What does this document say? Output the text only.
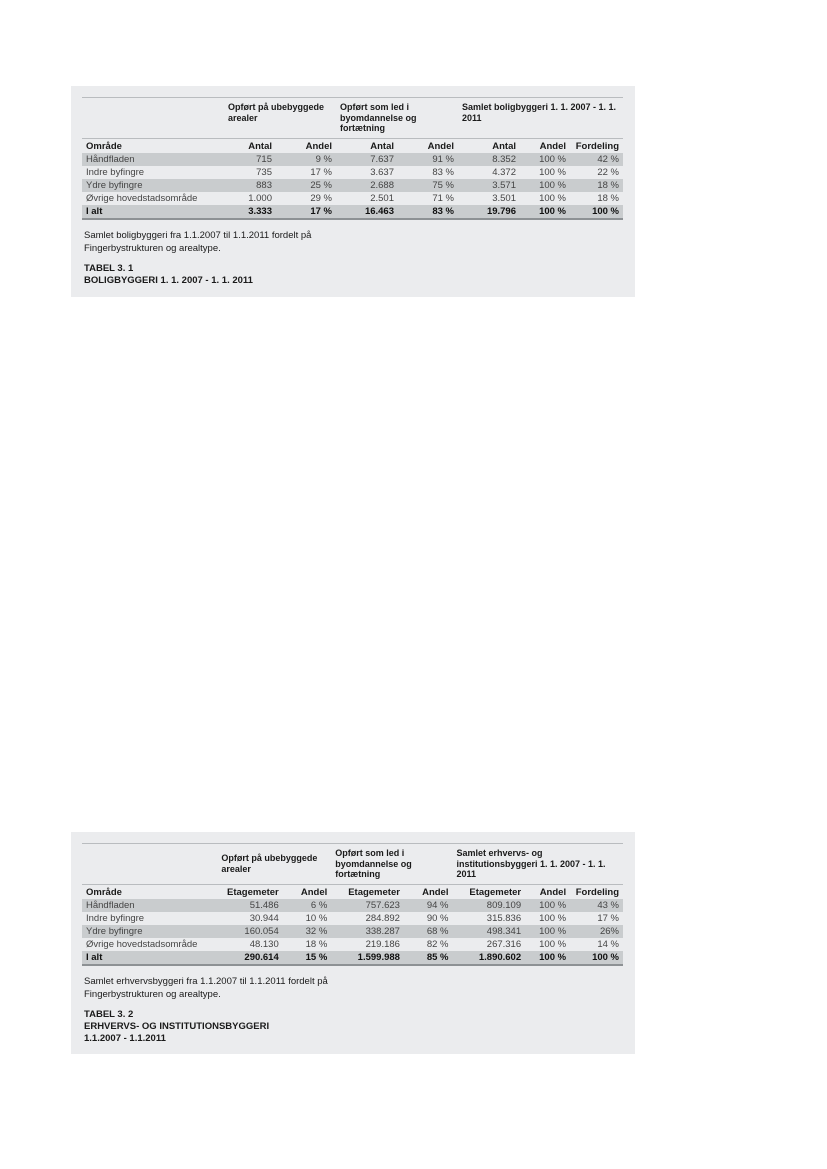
	Opført på ubebyggede arealer		Opført som led i byomdannelse og fortætning		Samlet boligbyggeri 1. 1. 2007 - 1. 1. 2011		
Område	Antal	Andel	Antal	Andel	Antal	Andel	Fordeling
Håndfladen	715	9 %	7.637	91 %	8.352	100 %	42 %
Indre byfingre	735	17 %	3.637	83 %	4.372	100 %	22 %
Ydre byfingre	883	25 %	2.688	75 %	3.571	100 %	18 %
Øvrige hovedstadsområde	1.000	29 %	2.501	71 %	3.501	100 %	18 %
I alt	3.333	17 %	16.463	83 %	19.796	100 %	100 %
Samlet boligbyggeri fra 1.1.2007 til 1.1.2011 fordelt på
Fingerbystrukturen og arealtype.
TABEL 3. 1
BOLIGBYGGERI 1. 1. 2007 - 1. 1. 2011
	Opført på ubebyggede arealer		Opført som led i byomdannelse og fortætning		Samlet erhvervs- og institutionsbyggeri 1. 1. 2007 - 1. 1. 2011		
Område	Etagemeter	Andel	Etagemeter	Andel	Etagemeter	Andel	Fordeling
Håndfladen	51.486	6 %	757.623	94 %	809.109	100 %	43 %
Indre byfingre	30.944	10 %	284.892	90 %	315.836	100 %	17 %
Ydre byfingre	160.054	32 %	338.287	68 %	498.341	100 %	26%
Øvrige hovedstadsområde	48.130	18 %	219.186	82 %	267.316	100 %	14 %
I alt	290.614	15 %	1.599.988	85 %	1.890.602	100 %	100 %
Samlet erhvervsbyggeri fra 1.1.2007 til 1.1.2011 fordelt på
Fingerbystrukturen og arealtype.
TABEL 3. 2
ERHVERVS- OG INSTITUTIONSBYGGERI
1.1.2007 - 1.1.2011
